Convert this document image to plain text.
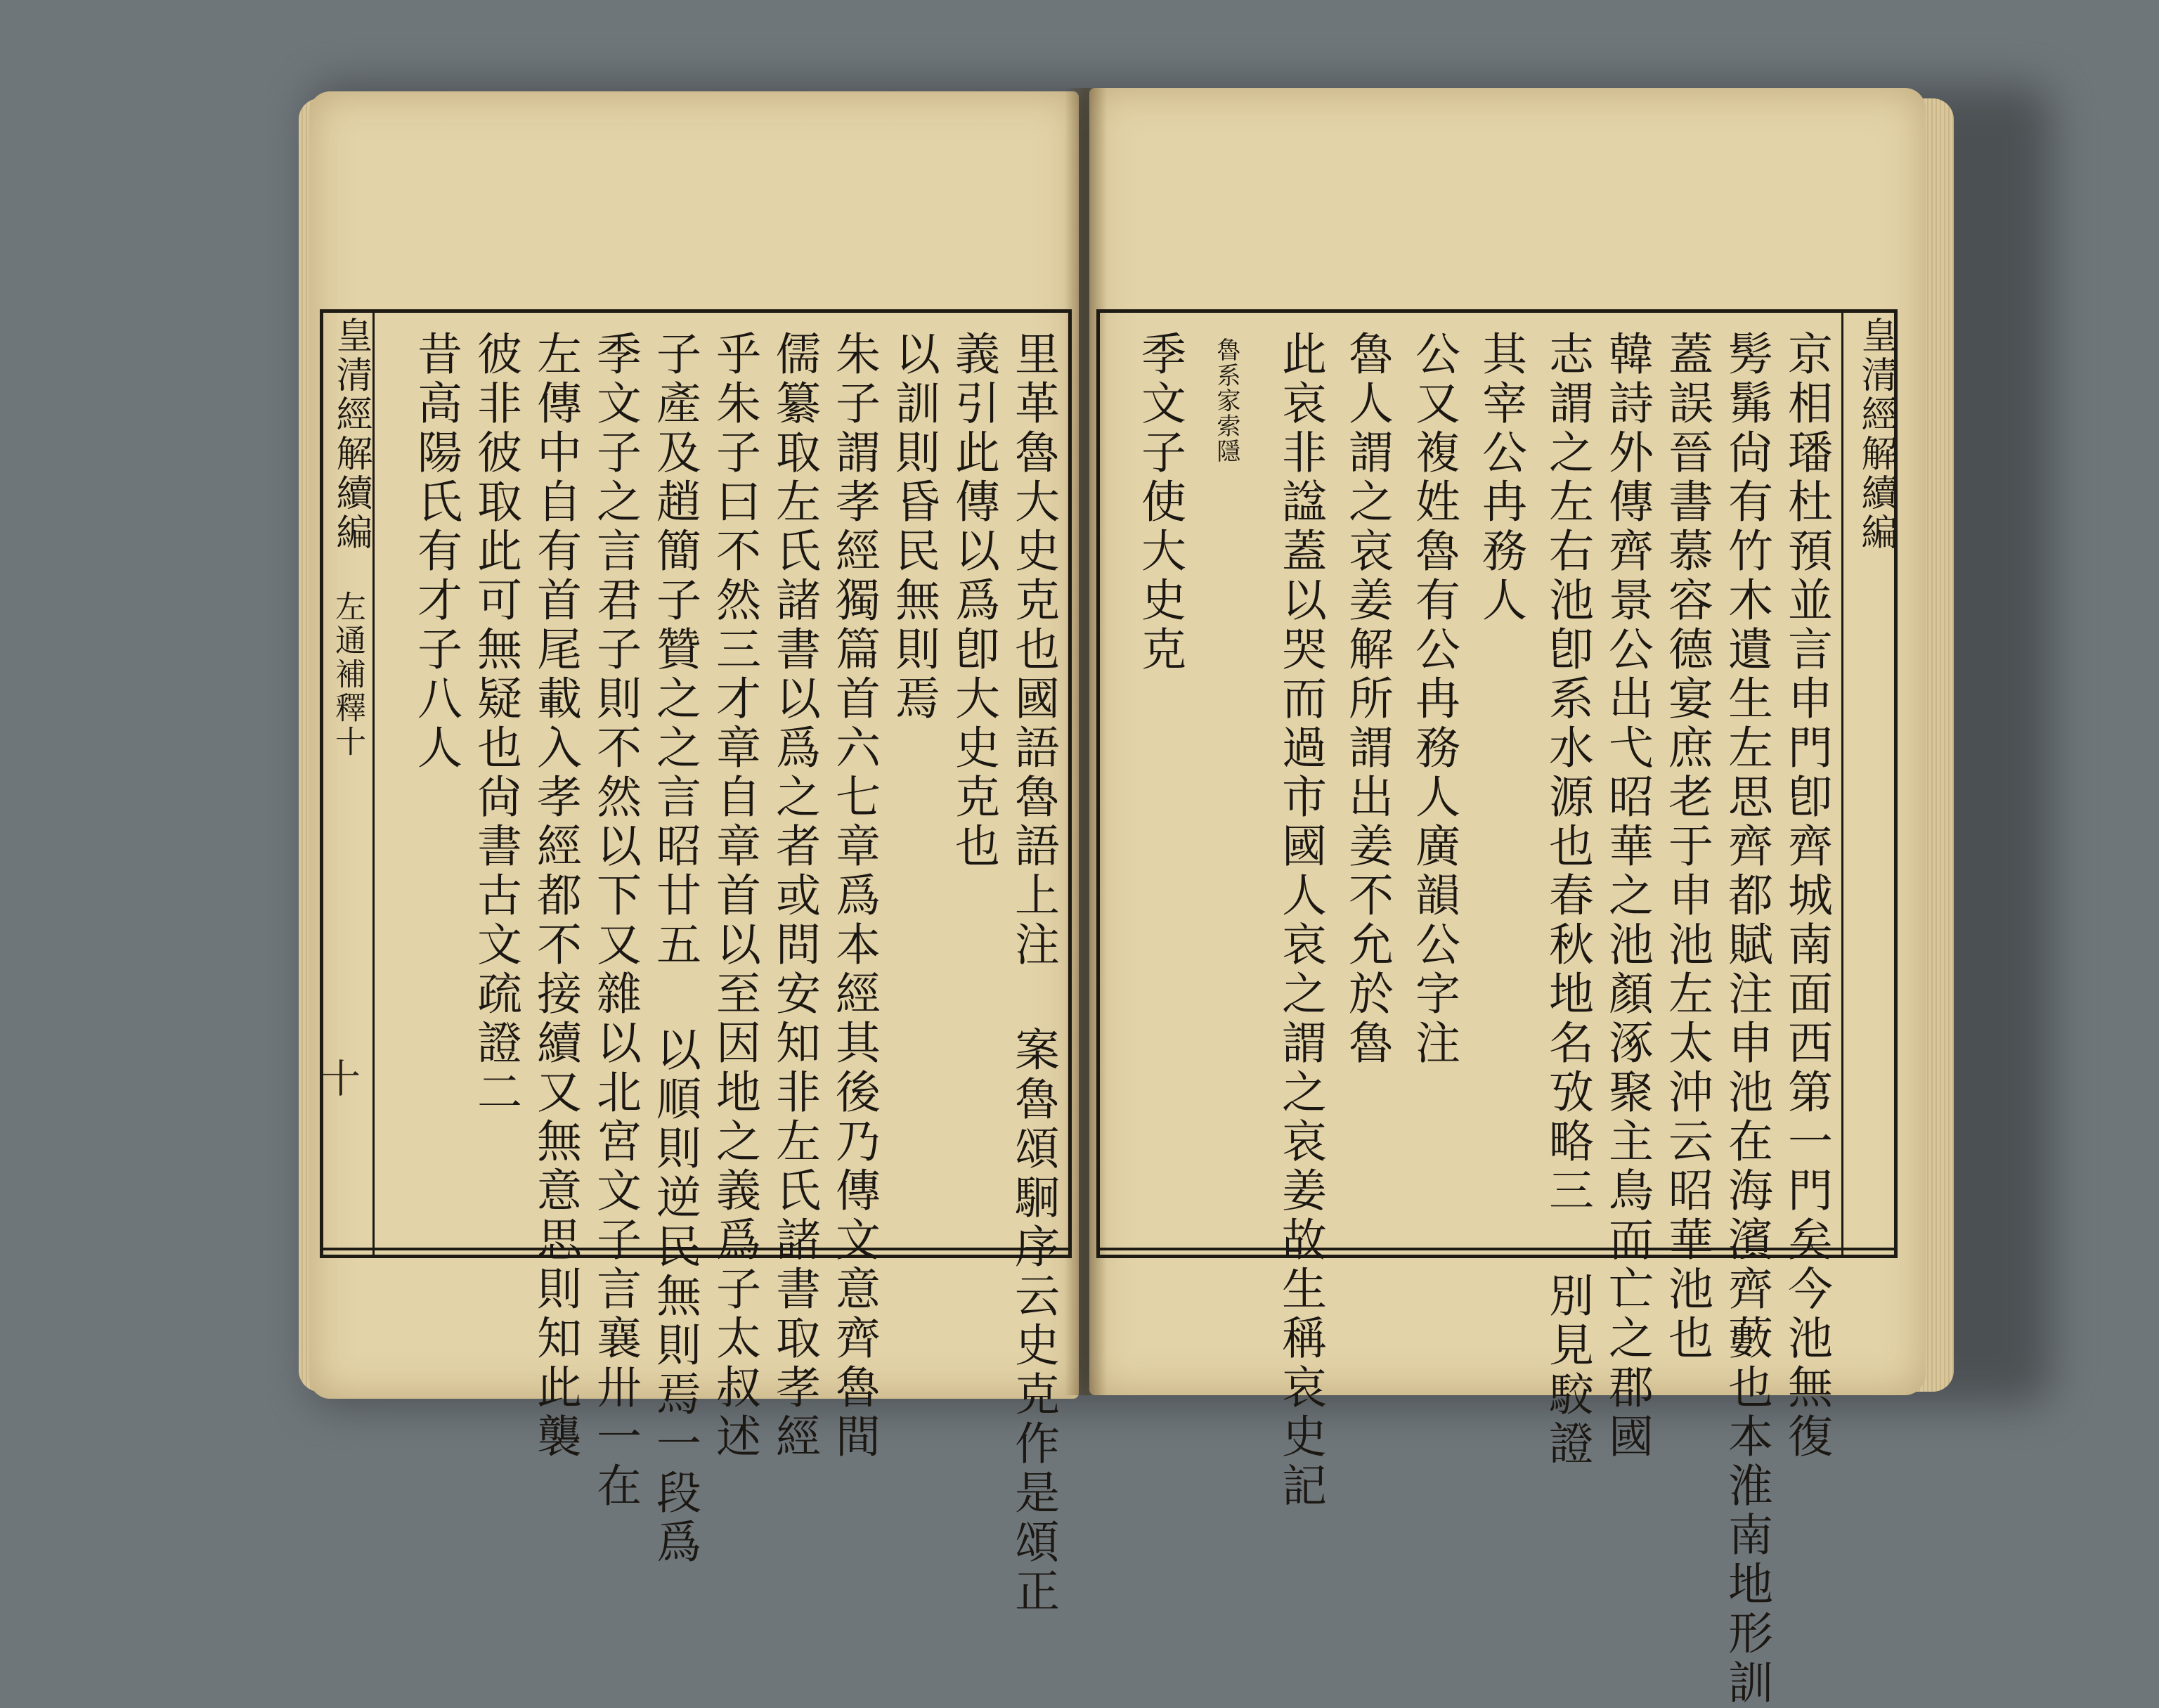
皇清經解續編
左通補釋十	里革魯大史克也國語魯語上注 案魯頌駉序云史克作是頌正
義引此傳以爲卽大史克也
以訓則昏民無則焉
朱子謂孝經獨篇首六七章爲本經其後乃傳文意齊魯間
儒纂取左氏諸書以爲之者或問安知非左氏諸書取孝經
乎朱子曰不然三才章自章首以至因地之義爲子太叔述
子產及趙簡子贊之之言昭廿五 以順則逆民無則焉一段爲
季文子之言君子則不然以下又雜以北宮文子言襄卅一在
左傳中自有首尾載入孝經都不接續又無意思則知此襲
彼非彼取此可無疑也尙書古文疏證二
昔高陽氏有才子八人
十
皇清經解續編
京相璠杜預並言申門卽齊城南面西第一門矣今池無復
髣髴尙有竹木遺生左思齊都賦注申池在海濱齊藪也本淮南地形訓
蓋誤晉書慕容德宴庶老于申池左太沖云昭華池也
韓詩外傳齊景公出弋昭華之池顏涿聚主鳥而亡之郡國
志謂之左右池卽系水源也春秋地名攷略三 別見駮證
其宰公冉務人
公又複姓魯有公冉務人廣韻公字注
魯人謂之哀姜解所謂出姜不允於魯
此哀非諡蓋以哭而過市國人哀之謂之哀姜故生稱哀史記
魯系家索隱
季文子使大史克
